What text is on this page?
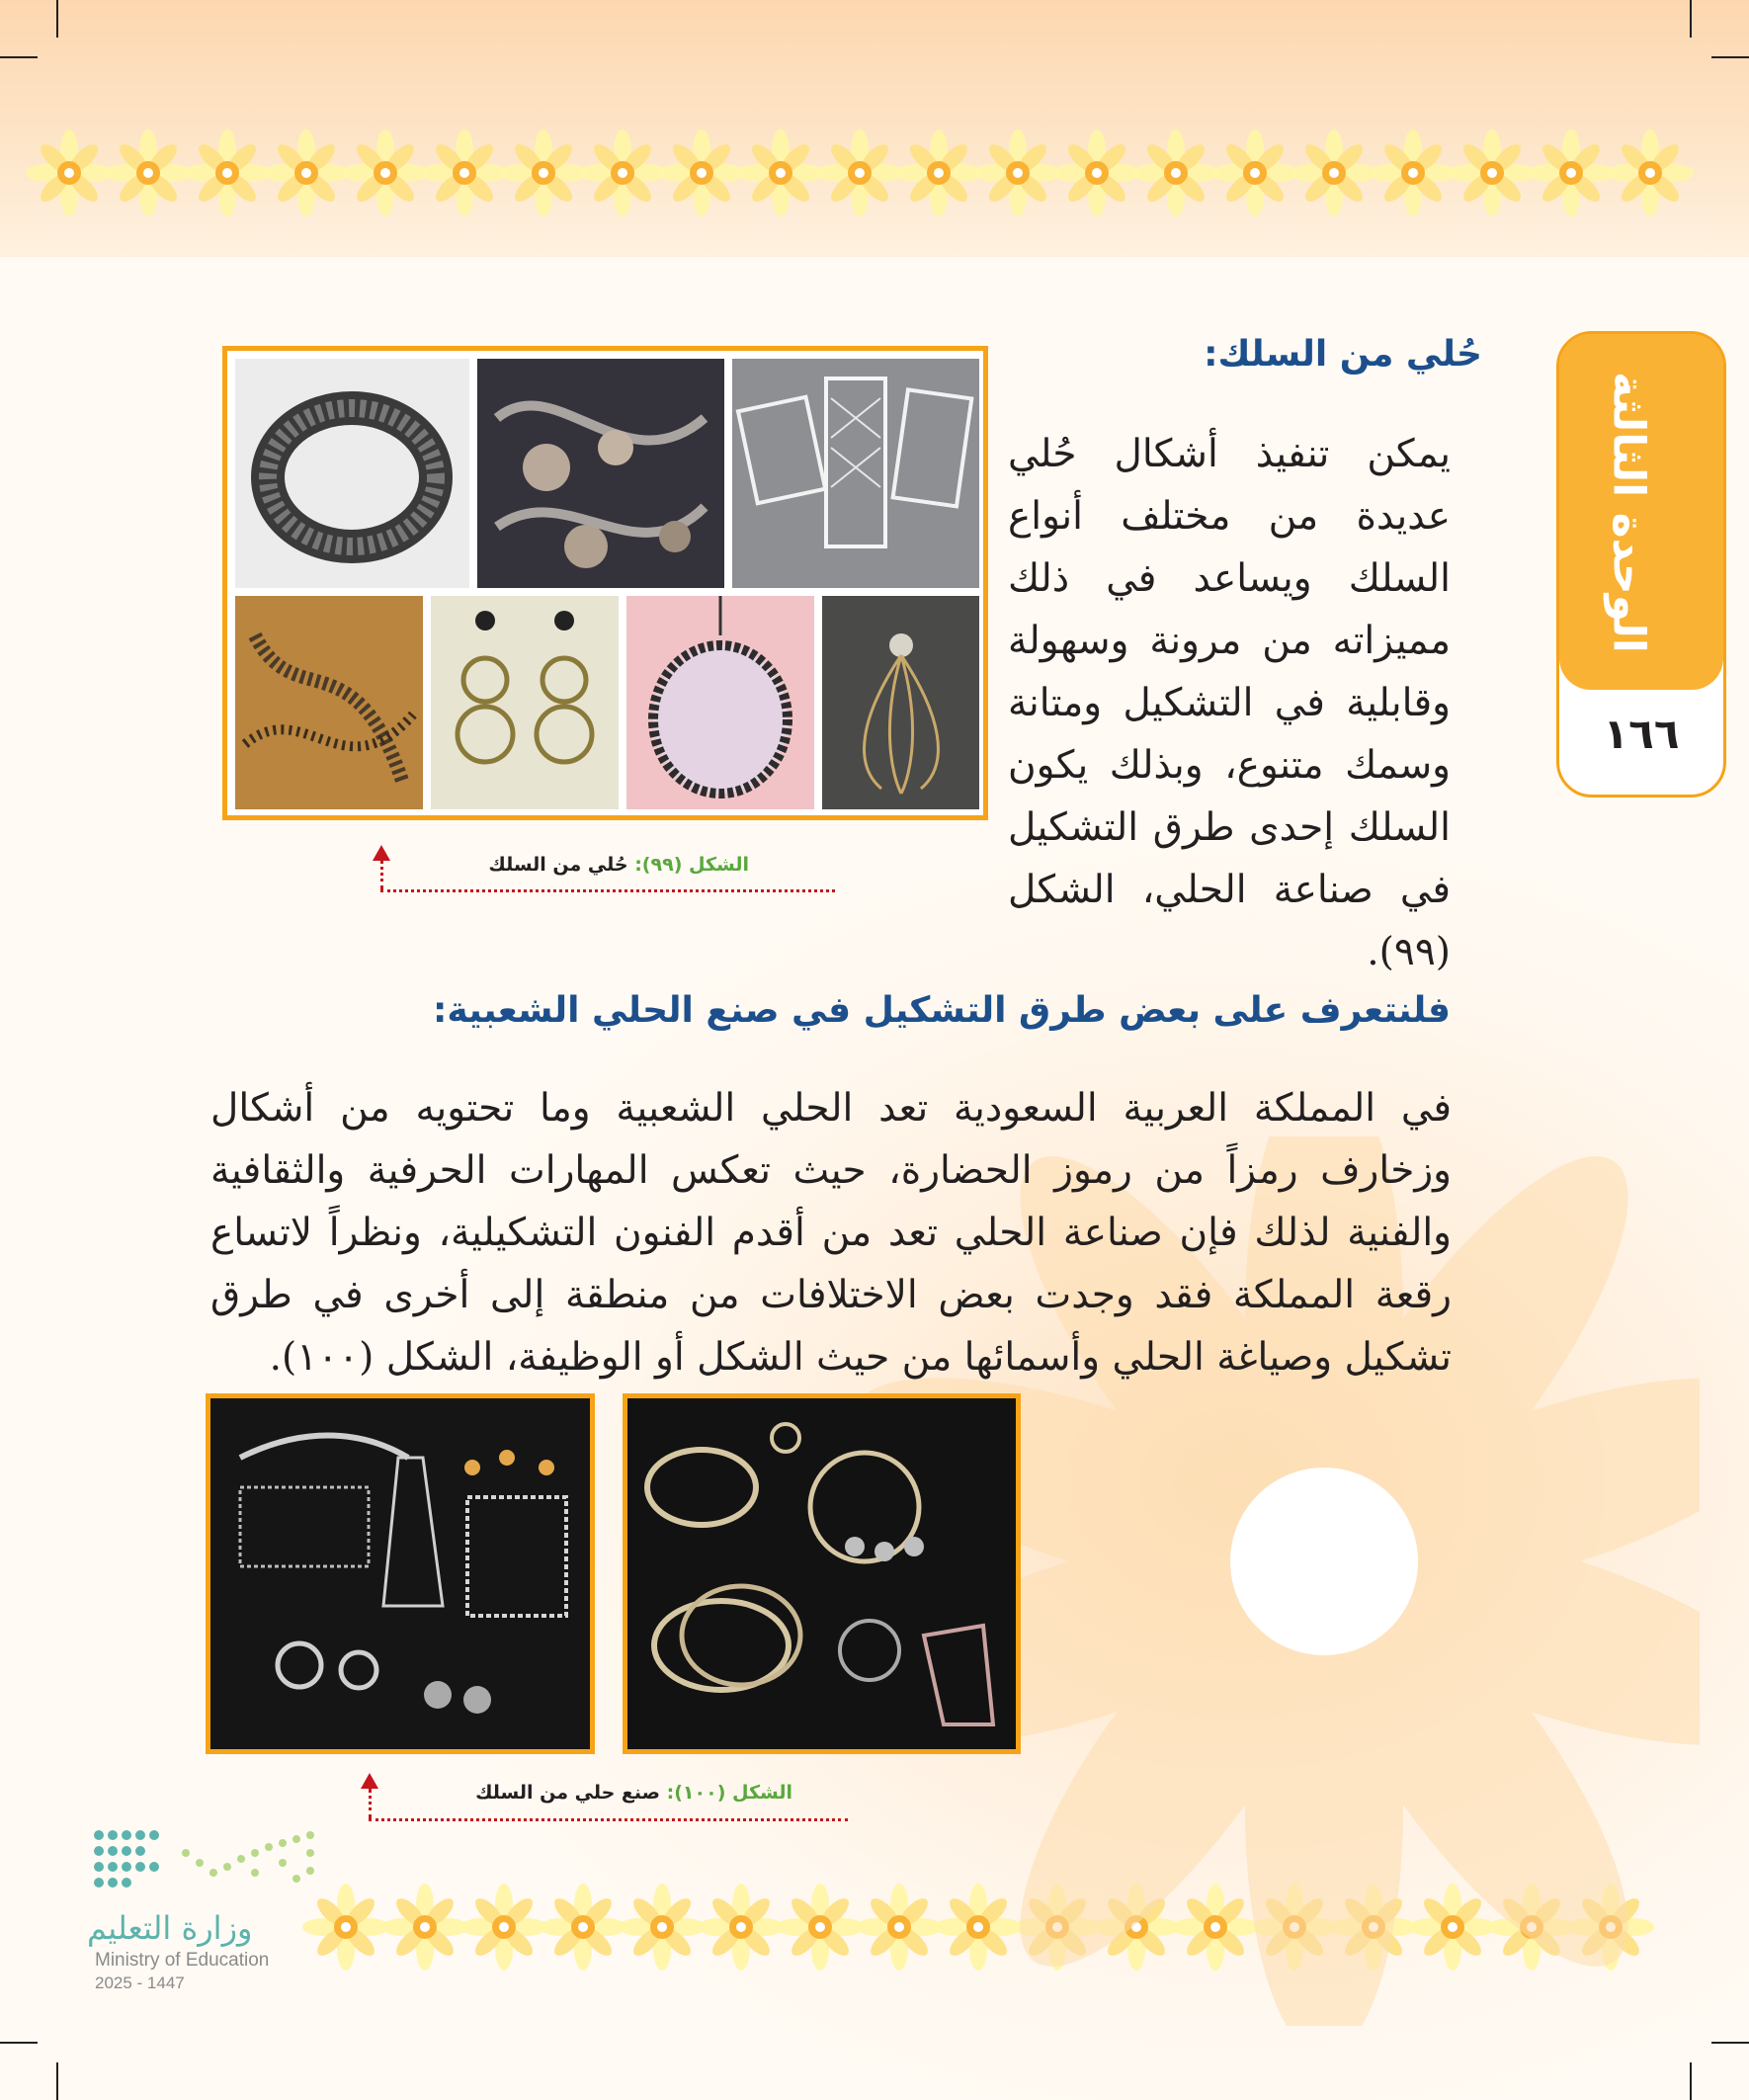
الوحدة الثالثة
١٦٦
حُلي من السلك:
يمكن تنفيذ أشكال حُلي عديدة من مختلف أنواع السلك ويساعد في ذلك مميزاته من مرونة وسهولة وقابلية في التشكيل ومتانة وسمك متنوع، وبذلك يكون السلك إحدى طرق التشكيل في صناعة الحلي، الشكل (٩٩).
الشكل (٩٩): حُلي من السلك
فلنتعرف على بعض طرق التشكيل في صنع الحلي الشعبية:
في المملكة العربية السعودية تعد الحلي الشعبية وما تحتويه من أشكال وزخارف رمزاً من رموز الحضارة، حيث تعكس المهارات الحرفية والثقافية والفنية لذلك فإن صناعة الحلي تعد من أقدم الفنون التشكيلية، ونظراً لاتساع رقعة المملكة فقد وجدت بعض الاختلافات من منطقة إلى أخرى في طرق تشكيل وصياغة الحلي وأسمائها من حيث الشكل أو الوظيفة، الشكل (١٠٠).
الشكل (١٠٠): صنع حلي من السلك
وزارة التعليم
Ministry of Education
2025 - 1447
